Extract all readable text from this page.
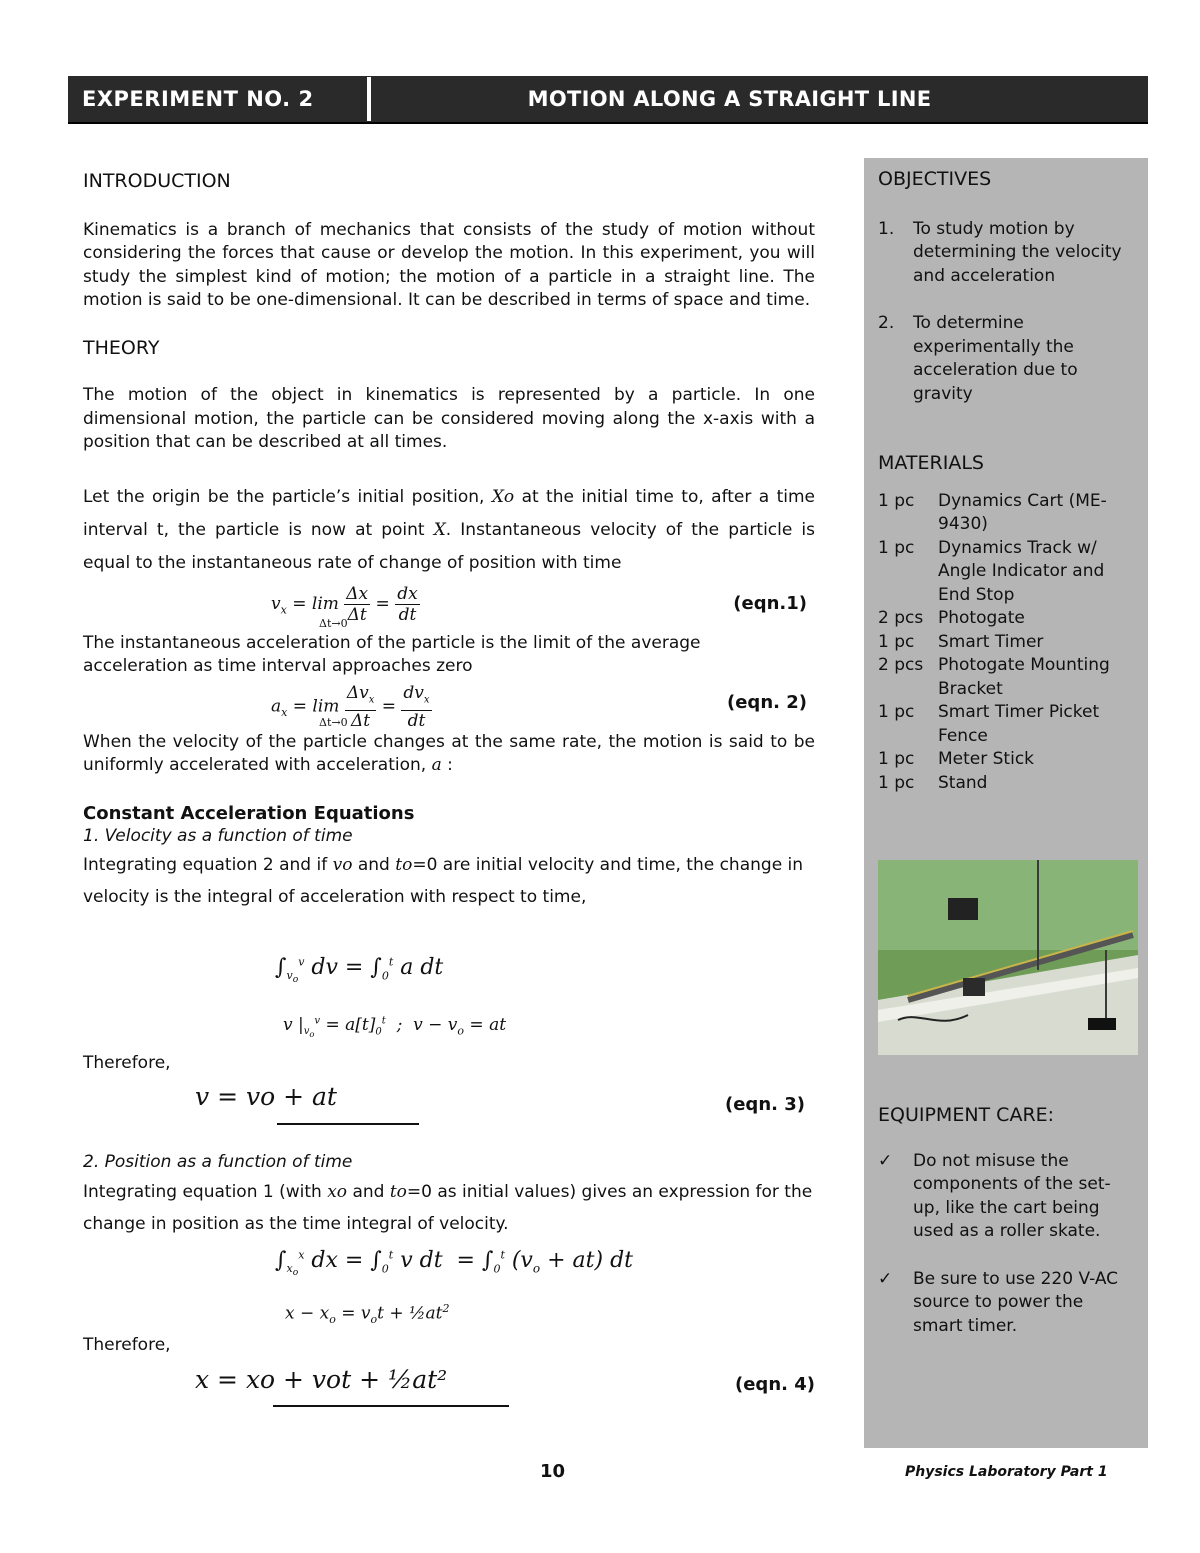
EXPERIMENT NO. 2	MOTION ALONG A STRAIGHT LINE
INTRODUCTION

Kinematics is a branch of mechanics that consists of the study of motion without considering the forces that cause or develop the motion. In this experiment, you will study the simplest kind of motion; the motion of a particle in a straight line. The motion is said to be one-dimensional. It can be described in terms of space and time.

THEORY

The motion of the object in kinematics is represented by a particle. In one dimensional motion, the particle can be considered moving along the x-axis with a position that can be described at all times.

Let the origin be the particle’s initial position, Xo at the initial time to, after a time interval t, the particle is now at point X. Instantaneous velocity of the particle is equal to the instantaneous rate of change of position with time

$v_x = \lim \frac{\Delta x}{\Delta t} = \frac{dx}{dt}$
Δt→0
(eqn.1)

The instantaneous acceleration of the particle is the limit of the average acceleration as time interval approaches zero

$a_x = \lim \frac{\Delta v_x}{\Delta t} = \frac{dv_x}{dt}$
Δt→0
(eqn. 2)

When the velocity of the particle changes at the same rate, the motion is said to be uniformly accelerated with acceleration, a :

Constant Acceleration Equations
1. Velocity as a function of time

Integrating equation 2 and if vo and to=0 are initial velocity and time, the change in velocity is the integral of acceleration with respect to time,

$\int_{v_o}^v$ dv = $\int_0^t$ a dt
v $|_{v_o}^v = a[t]_0^t$  ;  $v - v_o$ = at
Therefore,
v = vo + at	(eqn. 3)
2. Position as a function of time

Integrating equation 1 (with xo and to=0 as initial values) gives an expression for the change in position as the time integral of velocity.

$\int_{x_o}^x$ dx = $\int_0^t$ v dt  = $\int_0^t$ $(v_o + at)$ dt
$x - x_o = v_ot$ + $\frac{1}{2}at^2$
Therefore,
x = xo + vot + ½at²	(eqn. 4)
OBJECTIVES
1.	To study motion by determining the velocity and acceleration
2.	To determine experimentally the acceleration due to gravity
MATERIALS
1 pc	Dynamics Cart (ME-9430)
1 pc	Dynamics Track w/ Angle Indicator and End Stop
2 pcs Photogate
1 pc	Smart Timer
2 pcs Photogate Mounting Bracket
1 pc	Smart Timer Picket Fence
1 pc	Meter Stick
1 pc	Stand
EQUIPMENT CARE:
✓	Do not misuse the components of the set-up, like the cart being used as a roller skate.
✓	Be sure to use 220 V-AC source to power the smart timer.
10	Physics Laboratory Part 1
